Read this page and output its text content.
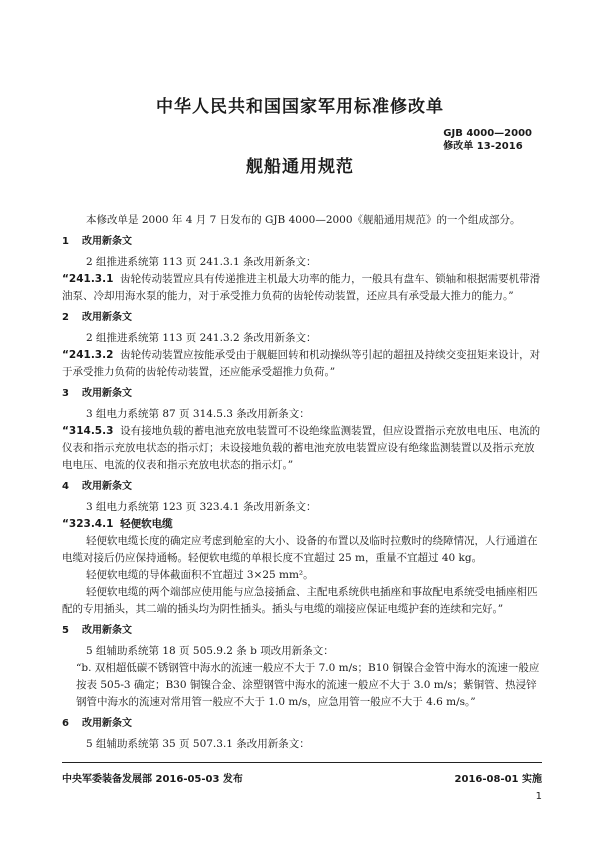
中华人民共和国国家军用标准修改单
GJB 4000—2000
修改单 13-2016
舰船通用规范

本修改单是 2000 年 4 月 7 日发布的 GJB 4000—2000《舰船通用规范》的一个组成部分。

1 改用新条文

2 组推进系统第 113 页 241.3.1 条改用新条文：

“241.3.1 齿轮传动装置应具有传递推进主机最大功率的能力，一般具有盘车、锁轴和根据需要机带滑油泵、冷却用海水泵的能力，对于承受推力负荷的齿轮传动装置，还应具有承受最大推力的能力。”

2 改用新条文

2 组推进系统第 113 页 241.3.2 条改用新条文：

“241.3.2 齿轮传动装置应按能承受由于舰艇回转和机动操纵等引起的超扭及持续交变扭矩来设计，对于承受推力负荷的齿轮传动装置，还应能承受超推力负荷。”

3 改用新条文

3 组电力系统第 87 页 314.5.3 条改用新条文：

“314.5.3 设有接地负载的蓄电池充放电装置可不设绝缘监测装置，但应设置指示充放电电压、电流的仪表和指示充放电状态的指示灯；未设接地负载的蓄电池充放电装置应设有绝缘监测装置以及指示充放电电压、电流的仪表和指示充放电状态的指示灯。”

4 改用新条文

3 组电力系统第 123 页 323.4.1 条改用新条文：

“323.4.1 轻便软电缆

轻便软电缆长度的确定应考虑到舱室的大小、设备的布置以及临时拉敷时的绕障情况，人行通道在电缆对接后仍应保持通畅。轻便软电缆的单根长度不宜超过 25 m，重量不宜超过 40 kg。

轻便软电缆的导体截面积不宜超过 3×25 mm²。

轻便软电缆的两个端部应使用能与应急接插盒、主配电系统供电插座和事故配电系统受电插座相匹配的专用插头，其二端的插头均为阴性插头。插头与电缆的端接应保证电缆护套的连续和完好。”

5 改用新条文

5 组辅助系统第 18 页 505.9.2 条 b 项改用新条文：

“b. 双相超低碳不锈钢管中海水的流速一般应不大于 7.0 m/s；B10 铜镍合金管中海水的流速一般应按表 505-3 确定；B30 铜镍合金、涂塑钢管中海水的流速一般应不大于 3.0 m/s；紫铜管、热浸锌钢管中海水的流速对常用管一般应不大于 1.0 m/s，应急用管一般应不大于 4.6 m/s。”

6 改用新条文

5 组辅助系统第 35 页 507.3.1 条改用新条文：

中央军委装备发展部 2016-05-03 发布	2016-08-01 实施
1
